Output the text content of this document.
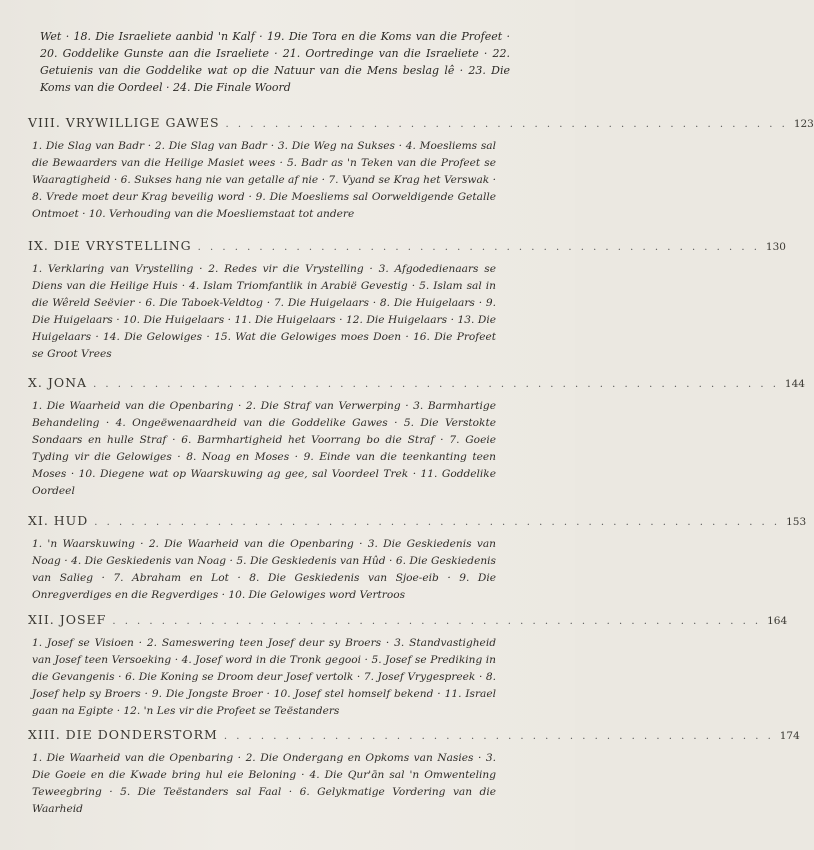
Wet · 18. Die Israeliete aanbid 'n Kalf · 19. Die Tora en die Koms van die Profeet · 20. Goddelike Gunste aan die Israeliete · 21. Oortredinge van die Israeliete · 22. Getuienis van die Goddelike wat op die Natuur van die Mens beslag lê · 23. Die Koms van die Oordeel · 24. Die Finale Woord
VIII. VRYWILLIGE GAWES . . . . . . . . . . . . . . . . . . . . . . . . . . . . . . . . . . . . . . . . . . . . . . 123
1. Die Slag van Badr · 2. Die Slag van Badr · 3. Die Weg na Sukses · 4. Moesliems sal die Bewaarders van die Heilige Masiet wees · 5. Badr as 'n Teken van die Profeet se Waaragtigheid · 6. Sukses hang nie van getalle af nie · 7. Vyand se Krag het Verswak · 8. Vrede moet deur Krag beveilig word · 9. Die Moesliems sal Oorweldigende Getalle Ontmoet · 10. Verhouding van die Moesliemstaat tot andere
IX. DIE VRYSTELLING . . . . . . . . . . . . . . . . . . . . . . . . . . . . . . . . . . . . . . . . . . . . . . 130
1. Verklaring van Vrystelling · 2. Redes vir die Vrystelling · 3. Afgodedienaars se Diens van die Heilige Huis · 4. Islam Triomfantlik in Arabië Gevestig · 5. Islam sal in die Wêreld Seëvier · 6. Die Taboek-Veldtog · 7. Die Huigelaars · 8. Die Huigelaars · 9. Die Huigelaars · 10. Die Huigelaars · 11. Die Huigelaars · 12. Die Huigelaars · 13. Die Huigelaars · 14. Die Gelowiges · 15. Wat die Gelowiges moes Doen · 16. Die Profeet se Groot Vrees
X. JONA . . . . . . . . . . . . . . . . . . . . . . . . . . . . . . . . . . . . . . . . . . . . . . . . . . . . . . . . 144
1. Die Waarheid van die Openbaring · 2. Die Straf van Verwerping · 3. Barmhartige Behandeling · 4. Ongeëwenaardheid van die Goddelike Gawes · 5. Die Verstokte Sondaars en hulle Straf · 6. Barmhartigheid het Voorrang bo die Straf · 7. Goeie Tyding vir die Gelowiges · 8. Noag en Moses · 9. Einde van die teenkanting teen Moses · 10. Diegene wat op Waarskuwing ag gee, sal Voordeel Trek · 11. Goddelike Oordeel
XI. HUD . . . . . . . . . . . . . . . . . . . . . . . . . . . . . . . . . . . . . . . . . . . . . . . . . . . . . . . . 153
1. 'n Waarskuwing · 2. Die Waarheid van die Openbaring · 3. Die Geskiedenis van Noag · 4. Die Geskiedenis van Noag · 5. Die Geskiedenis van Hûd · 6. Die Geskiedenis van Salieg · 7. Abraham en Lot · 8. Die Geskiedenis van Sjoe-eib · 9. Die Onregverdiges en die Regverdiges · 10. Die Gelowiges word Vertroos
XII. JOSEF . . . . . . . . . . . . . . . . . . . . . . . . . . . . . . . . . . . . . . . . . . . . . . . . . . . . . 164
1. Josef se Visioen · 2. Sameswering teen Josef deur sy Broers · 3. Standvastigheid van Josef teen Versoeking · 4. Josef word in die Tronk gegooi · 5. Josef se Prediking in die Gevangenis · 6. Die Koning se Droom deur Josef vertolk · 7. Josef Vrygespreek · 8. Josef help sy Broers · 9. Die Jongste Broer · 10. Josef stel homself bekend · 11. Israel gaan na Egipte · 12. 'n Les vir die Profeet se Teëstanders
XIII. DIE DONDERSTORM . . . . . . . . . . . . . . . . . . . . . . . . . . . . . . . . . . . . . . . . . . . . . 174
1. Die Waarheid van die Openbaring · 2. Die Ondergang en Opkoms van Nasies · 3. Die Goeie en die Kwade bring hul eie Beloning · 4. Die Qur'ān sal 'n Omwenteling Teweegbring · 5. Die Teëstanders sal Faal · 6. Gelykmatige Vordering van die Waarheid
